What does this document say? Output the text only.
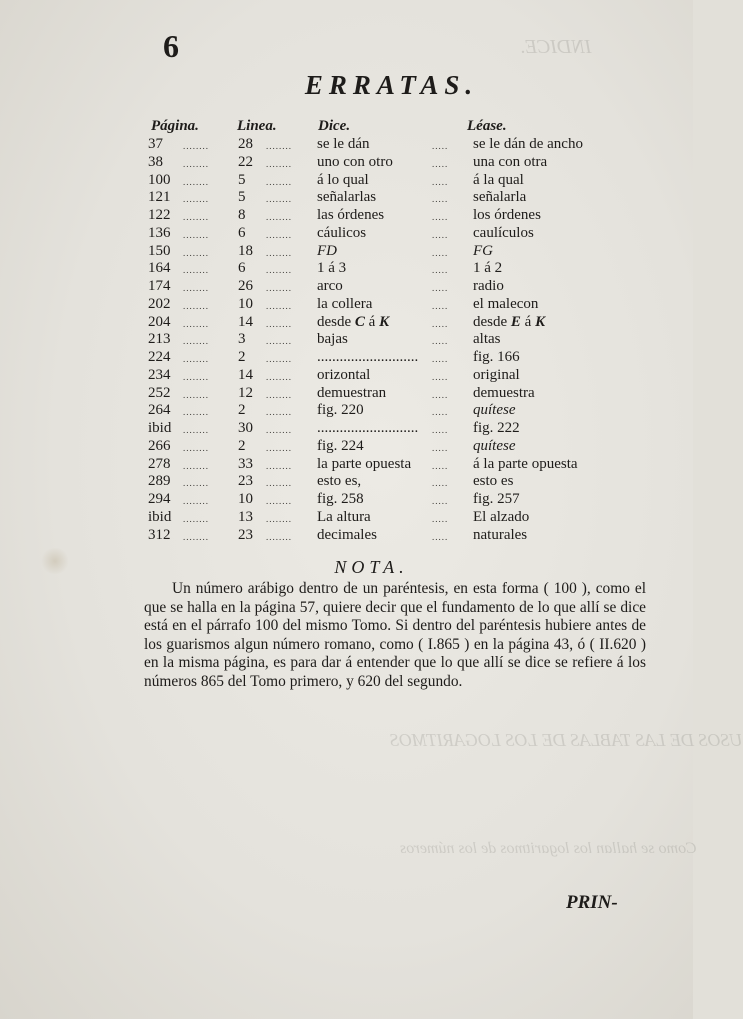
INDICE.
USOS DE LAS TABLAS DE LOS LOGARITMOS
Como se hallan los logaritmos de los números
6
ERRATAS.
Página.	Linea.	Dice.	Léase.
37 ........ 28 ........ se le dán	..... se le dán de ancho
38 ........ 22 ........ uno con otro	..... una con otra
100 ........ 5 ........ á lo qual	..... á la qual
121 ........ 5 ........ señalarlas	..... señalarla
122 ........ 8 ........ las órdenes	..... los órdenes
136 ........ 6 ........ cáulicos	..... caulículos
150 ........ 18 ........ FD	..... FG
164 ........ 6 ........ 1 á 3	..... 1 á 2
174 ........ 26 ........ arco	..... radio
202 ........ 10 ........ la collera	..... el malecon
204 ........ 14 ........ desde C á K	..... desde E á K
213 ........ 3 ........ bajas	..... altas
224 ........ 2 ........ ........................... ..... fig. 166
234 ........ 14 ........ orizontal	..... original
252 ........ 12 ........ demuestran	..... demuestra
264 ........ 2 ........ fig. 220	..... quítese
ibid ........ 30 ........ ........................... ..... fig. 222
266 ........ 2 ........ fig. 224	..... quítese
278 ........ 33 ........ la parte opuesta ..... á la parte opuesta
289 ........ 23 ........ esto es,	..... esto es
294 ........ 10 ........ fig. 258	..... fig. 257
ibid ........ 13 ........ La altura	..... El alzado
312 ........ 23 ........ decimales	..... naturales
NOTA.
Un número arábigo dentro de un paréntesis, en esta forma ( 100 ), como el que se halla en la página 57, quiere decir que el fundamento de lo que allí se dice está en el párrafo 100 del mismo Tomo. Si dentro del paréntesis hubiere antes de los guarismos algun número romano, como ( I.865 ) en la página 43, ó ( II.620 ) en la misma página, es para dar á entender que lo que allí se dice se refiere á los números 865 del Tomo primero, y 620 del segundo.
PRIN-
